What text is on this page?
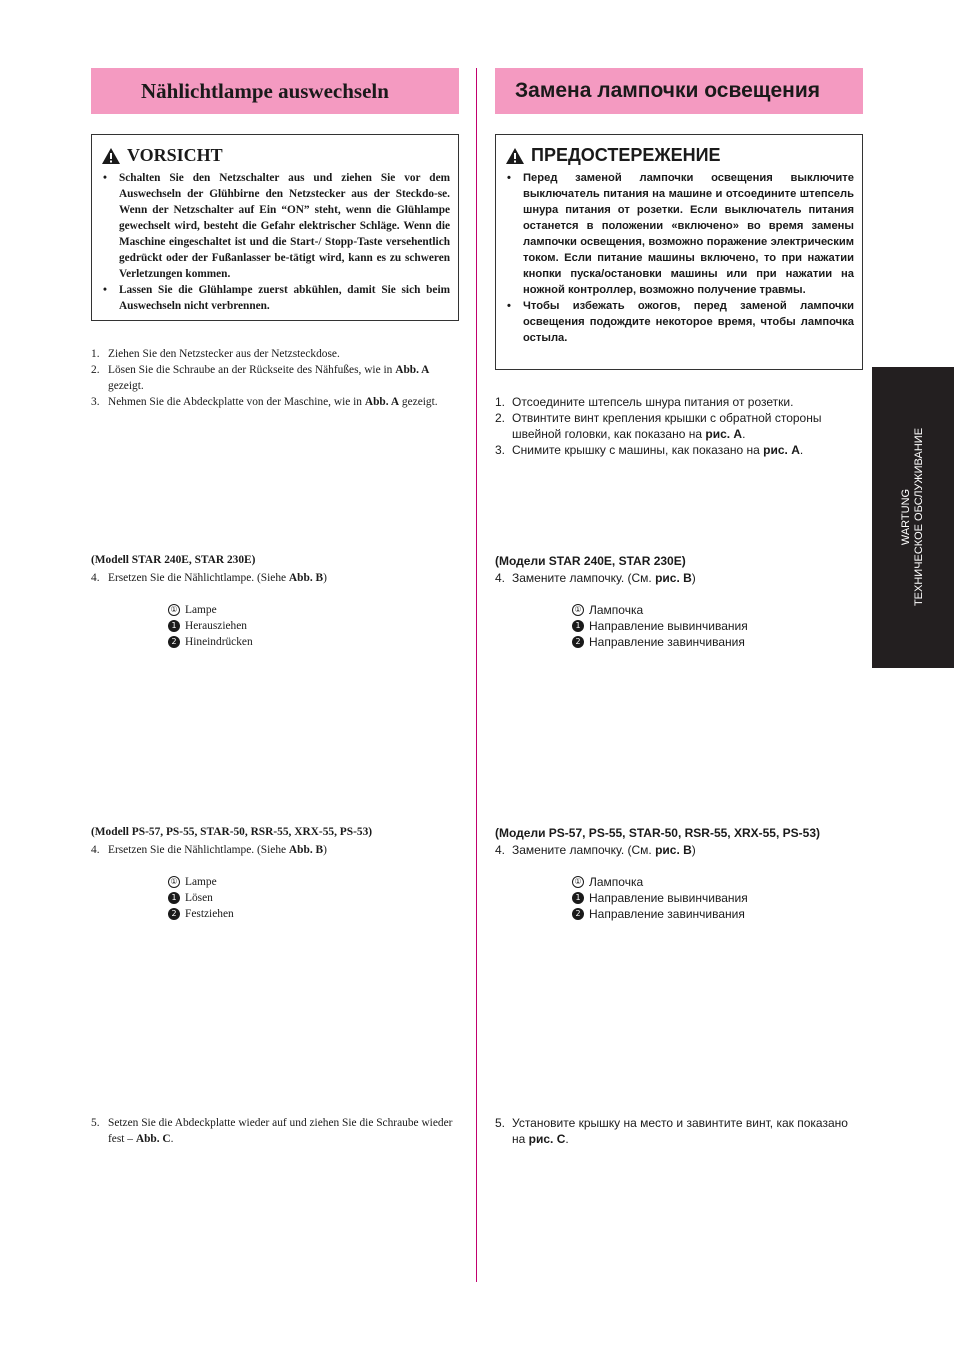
Nählichtlampe auswechseln	Замена лампочки освещения
VORSICHT
• Schalten Sie den Netzschalter aus und ziehen Sie vor dem Auswechseln der Glühbirne den Netzstecker aus der Steckdo-se. Wenn der Netzschalter auf Ein “ON” steht, wenn die Glühlampe gewechselt wird, besteht die Gefahr elektrischer Schläge. Wenn die Maschine eingeschaltet ist und die Start-/ Stopp-Taste versehentlich gedrückt oder der Fußanlasser be-tätigt wird, kann es zu schweren Verletzungen kommen.
• Lassen Sie die Glühlampe zuerst abkühlen, damit Sie sich beim Auswechseln nicht verbrennen.
ПРЕДОСТЕРЕЖЕНИЕ
• Перед заменой лампочки освещения выключите выключатель питания на машине и отсоедините штепсель шнура питания от розетки. Если выключатель питания останется в положении «включено» во время замены лампочки освещения, возможно поражение электрическим током. Если питание машины включено, то при нажатии кнопки пуска/остановки машины или при нажатии на ножной контроллер, возможно получение травмы.
• Чтобы избежать ожогов, перед заменой лампочки освещения подождите некоторое время, чтобы лампочка остыла.
1. Ziehen Sie den Netzstecker aus der Netzsteckdose.
2. Lösen Sie die Schraube an der Rückseite des Nähfußes, wie in Abb. A gezeigt.
3. Nehmen Sie die Abdeckplatte von der Maschine, wie in Abb. A gezeigt.	1. Отсоедините штепсель шнура питания от розетки.
2. Отвинтите винт крепления крышки с обратной стороны швейной головки, как показано на рис. A.
3. Снимите крышку с машины, как показано на рис. A.
(Modell STAR 240E, STAR 230E)
4. Ersetzen Sie die Nählichtlampe. (Siehe Abb. B)
① Lampe
1 Herausziehen
2 Hineindrücken
(Модели STAR 240E, STAR 230E)
4. Замените лампочку. (См. рис. B)
① Лампочка
1 Направление вывинчивания
2 Направление завинчивания
(Modell PS-57, PS-55, STAR-50, RSR-55, XRX-55, PS-53)
4. Ersetzen Sie die Nählichtlampe. (Siehe Abb. B)
① Lampe
1 Lösen
2 Festziehen
(Модели PS-57, PS-55, STAR-50, RSR-55, XRX-55, PS-53)
4. Замените лампочку. (См. рис. B)
① Лампочка
1 Направление вывинчивания
2 Направление завинчивания
5. Setzen Sie die Abdeckplatte wieder auf und ziehen Sie die Schraube wieder fest – Abb. C.
5. Установите крышку на место и завинтите винт, как показано на рис. C.
WARTUNG ТЕХНИЧЕСКОЕ ОБСЛУЖИВАНИЕ
